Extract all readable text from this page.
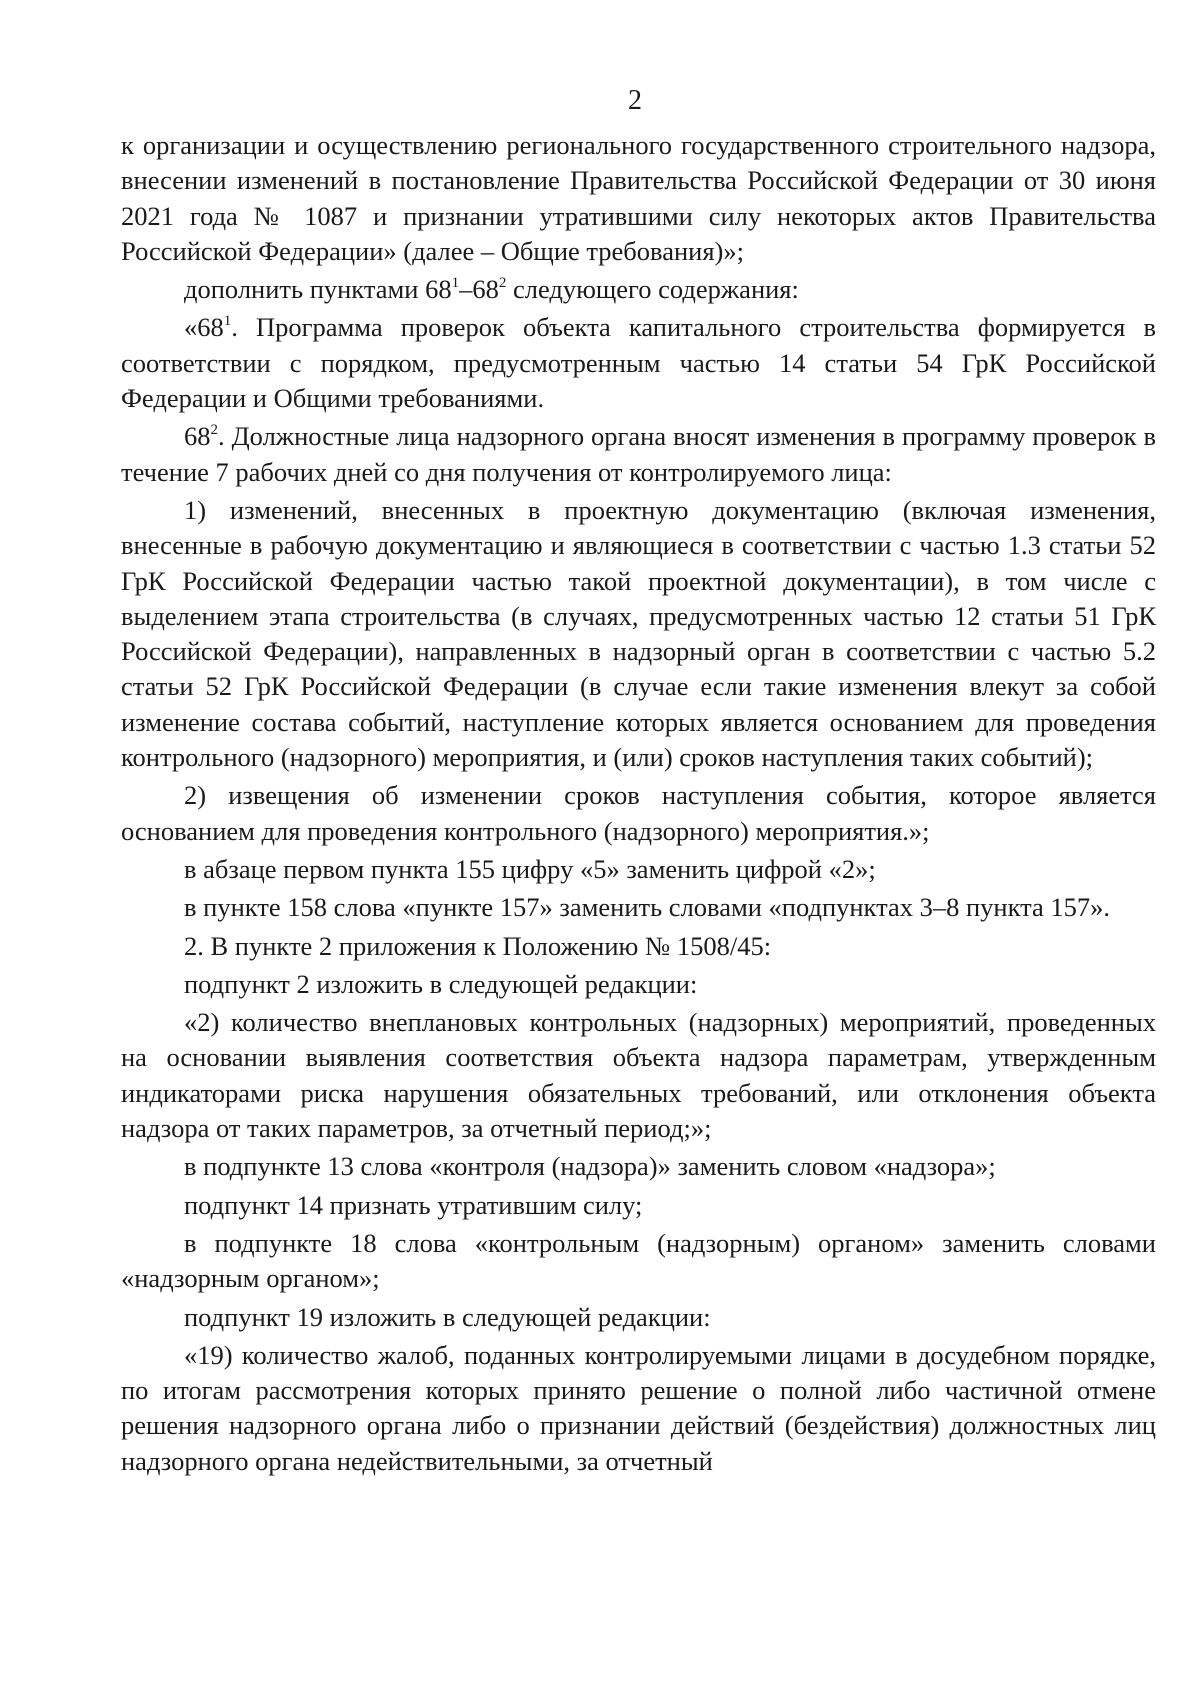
2

к организации и осуществлению регионального государственного строительного надзора, внесении изменений в постановление Правительства Российской Федерации от 30 июня 2021 года № 1087 и признании утратившими силу некоторых актов Правительства Российской Федерации» (далее – Общие требования)»;

дополнить пунктами $68^1-68^2$ следующего содержания:

«$68^1$. Программа проверок объекта капитального строительства формируется в соответствии с порядком, предусмотренным частью 14 статьи 54 ГрК Российской Федерации и Общими требованиями.

$68^2$. Должностные лица надзорного органа вносят изменения в программу проверок в течение 7 рабочих дней со дня получения от контролируемого лица:

1) изменений, внесенных в проектную документацию (включая изменения, внесенные в рабочую документацию и являющиеся в соответствии с частью 1.3 статьи 52 ГрК Российской Федерации частью такой проектной документации), в том числе с выделением этапа строительства (в случаях, предусмотренных частью 12 статьи 51 ГрК Российской Федерации), направленных в надзорный орган в соответствии с частью 5.2 статьи 52 ГрК Российской Федерации (в случае если такие изменения влекут за собой изменение состава событий, наступление которых является основанием для проведения контрольного (надзорного) мероприятия, и (или) сроков наступления таких событий);

2) извещения об изменении сроков наступления события, которое является основанием для проведения контрольного (надзорного) мероприятия.»;

в абзаце первом пункта 155 цифру «5» заменить цифрой «2»;

в пункте 158 слова «пункте 157» заменить словами «подпунктах 3–8 пункта 157».

2. В пункте 2 приложения к Положению № 1508/45:

подпункт 2 изложить в следующей редакции:

«2) количество внеплановых контрольных (надзорных) мероприятий, проведенных на основании выявления соответствия объекта надзора параметрам, утвержденным индикаторами риска нарушения обязательных требований, или отклонения объекта надзора от таких параметров, за отчетный период;»;

в подпункте 13 слова «контроля (надзора)» заменить словом «надзора»;

подпункт 14 признать утратившим силу;

в подпункте 18 слова «контрольным (надзорным) органом» заменить словами «надзорным органом»;

подпункт 19 изложить в следующей редакции:

«19) количество жалоб, поданных контролируемыми лицами в досудебном порядке, по итогам рассмотрения которых принято решение о полной либо частичной отмене решения надзорного органа либо о признании действий (бездействия) должностных лиц надзорного органа недействительными, за отчетный
